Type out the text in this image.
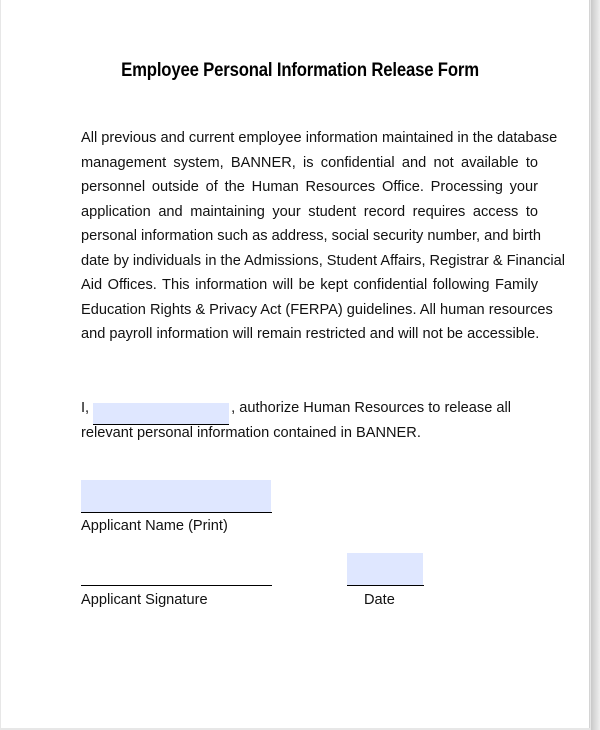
Employee Personal Information Release Form

All previous and current employee information maintained in the database
management system, BANNER, is confidential and not available to
personnel outside of the Human Resources Office. Processing your
application and maintaining your student record requires access to
personal information such as address, social security number, and birth
date by individuals in the Admissions, Student Affairs, Registrar & Financial
Aid Offices. This information will be kept confidential following Family
Education Rights & Privacy Act (FERPA) guidelines. All human resources
and payroll information will remain restricted and will not be accessible.

I,	, authorize Human Resources to release all
relevant personal information contained in BANNER.
Applicant Name (Print)
Applicant Signature	Date
